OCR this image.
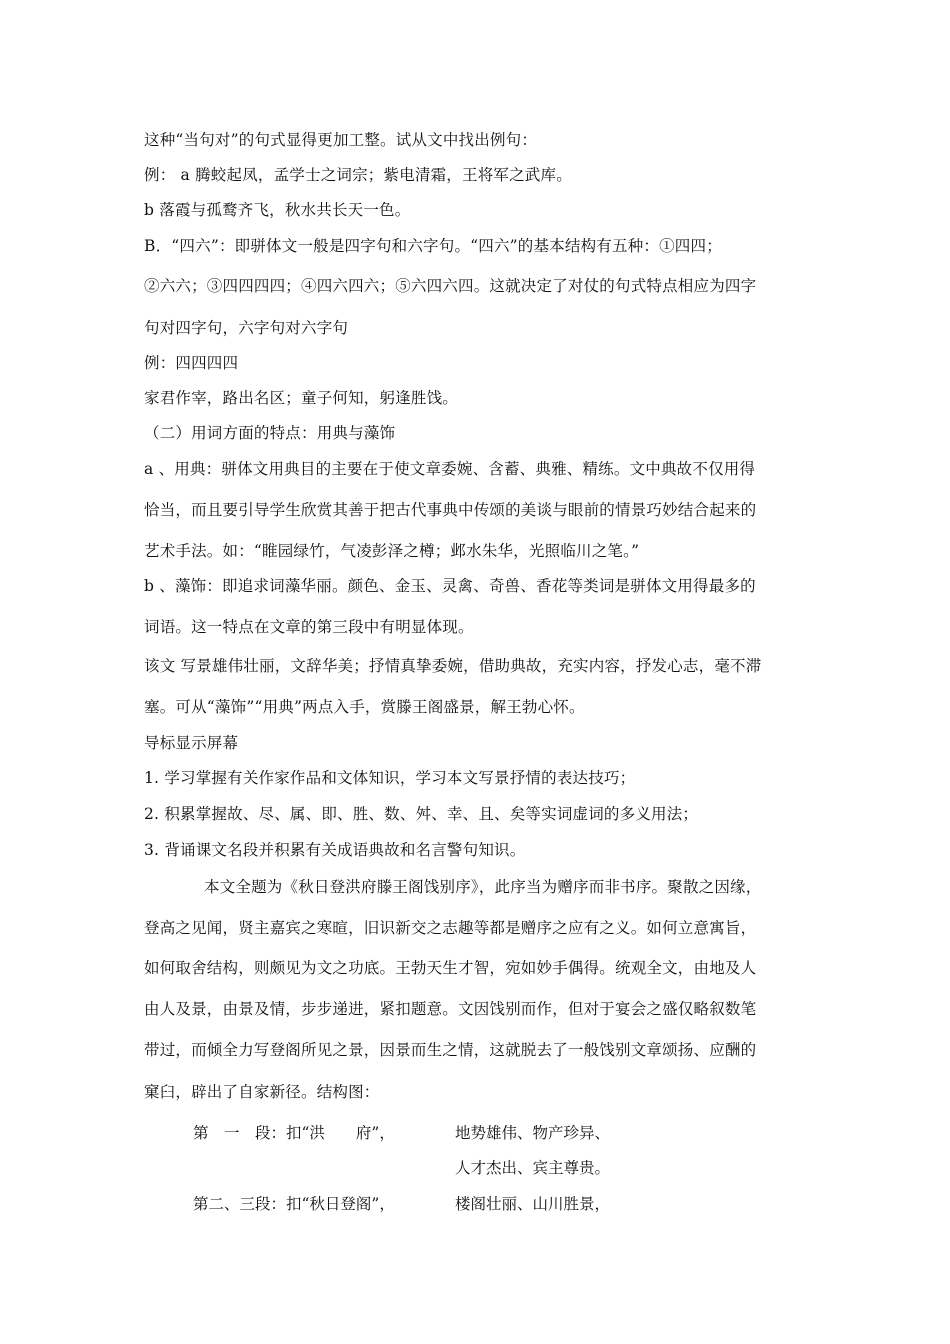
这种“当句对”的句式显得更加工整。试从文中找出例句：
例： a 腾蛟起凤，孟学士之词宗；紫电清霜，王将军之武库。
b 落霞与孤鹜齐飞，秋水共长天一色。
B．“四六”：即骈体文一般是四字句和六字句。“四六”的基本结构有五种：①四四；
②六六；③四四四四；④四六四六；⑤六四六四。这就决定了对仗的句式特点相应为四字
句对四字句，六字句对六字句
例：四四四四
家君作宰，路出名区；童子何知，躬逢胜饯。
（二）用词方面的特点：用典与藻饰
a 、用典：骈体文用典目的主要在于使文章委婉、含蓄、典雅、精练。文中典故不仅用得
恰当，而且要引导学生欣赏其善于把古代事典中传颂的美谈与眼前的情景巧妙结合起来的
艺术手法。如：“睢园绿竹，气凌彭泽之樽；邺水朱华，光照临川之笔。”
b 、藻饰：即追求词藻华丽。颜色、金玉、灵禽、奇兽、香花等类词是骈体文用得最多的
词语。这一特点在文章的第三段中有明显体现。
该文 写景雄伟壮丽，文辞华美；抒情真挚委婉，借助典故，充实内容，抒发心志，毫不滞
塞。可从“藻饰”“用典”两点入手，赏滕王阁盛景，解王勃心怀。
导标显示屏幕
1. 学习掌握有关作家作品和文体知识，学习本文写景抒情的表达技巧；
2. 积累掌握故、尽、属、即、胜、数、舛、幸、且、矣等实词虚词的多义用法；
3. 背诵课文名段并积累有关成语典故和名言警句知识。
本文全题为《秋日登洪府滕王阁饯别序》，此序当为赠序而非书序。聚散之因缘，
登高之见闻，贤主嘉宾之寒暄，旧识新交之志趣等都是赠序之应有之义。如何立意寓旨，
如何取舍结构，则颇见为文之功底。王勃天生才智，宛如妙手偶得。统观全文，由地及人
由人及景，由景及情，步步递进，紧扣题意。文因饯别而作，但对于宴会之盛仅略叙数笔
带过，而倾全力写登阁所见之景，因景而生之情，这就脱去了一般饯别文章颂扬、应酬的
窠臼，辟出了自家新径。结构图：
第　一　段：扣“洪　　府”，	地势雄伟、物产珍异、
人才杰出、宾主尊贵。
第二、三段：扣“秋日登阁”，	楼阁壮丽、山川胜景，
